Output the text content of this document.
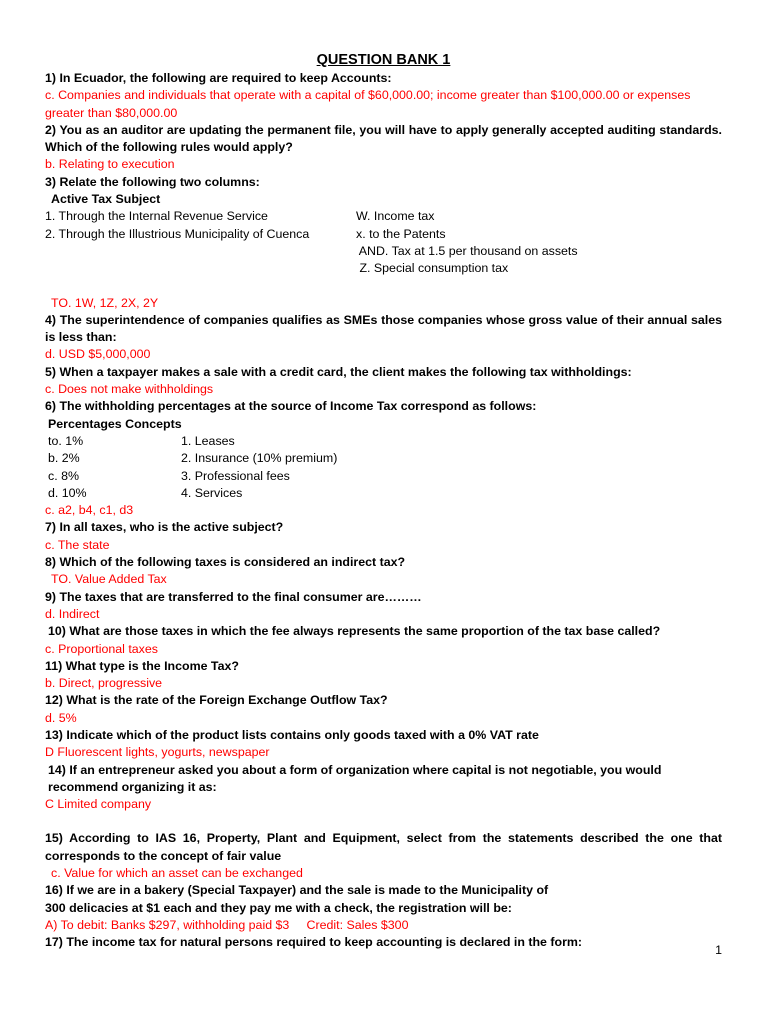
QUESTION BANK 1
1) In Ecuador, the following are required to keep Accounts:
c. Companies and individuals that operate with a capital of $60,000.00; income greater than $100,000.00 or expenses greater than $80,000.00
2) You as an auditor are updating the permanent file, you will have to apply generally accepted auditing standards. Which of the following rules would apply?
b. Relating to execution
3) Relate the following two columns:
Active Tax Subject
1. Through the Internal Revenue Service	W. Income tax
2. Through the Illustrious Municipality of Cuenca	x. to the Patents
AND. Tax at 1.5 per thousand on assets
Z. Special consumption tax
TO. 1W, 1Z, 2X, 2Y
4) The superintendence of companies qualifies as SMEs those companies whose gross value of their annual sales is less than:
d. USD $5,000,000
5) When a taxpayer makes a sale with a credit card, the client makes the following tax withholdings:
c. Does not make withholdings
6) The withholding percentages at the source of Income Tax correspond as follows:
Percentages Concepts
to. 1%	1. Leases
b. 2%	2. Insurance (10% premium)
c. 8%	3. Professional fees
d. 10%	4. Services
c. a2, b4, c1, d3
7) In all taxes, who is the active subject?
c. The state
8) Which of the following taxes is considered an indirect tax?
TO. Value Added Tax
9) The taxes that are transferred to the final consumer are………
d. Indirect
10) What are those taxes in which the fee always represents the same proportion of the tax base called?
c. Proportional taxes
11) What type is the Income Tax?
b. Direct, progressive
12) What is the rate of the Foreign Exchange Outflow Tax?
d. 5%
13) Indicate which of the product lists contains only goods taxed with a 0% VAT rate
D Fluorescent lights, yogurts, newspaper
14) If an entrepreneur asked you about a form of organization where capital is not negotiable, you would recommend organizing it as:
C Limited company
15) According to IAS 16, Property, Plant and Equipment, select from the statements described the one that corresponds to the concept of fair value
c. Value for which an asset can be exchanged
16) If we are in a bakery (Special Taxpayer) and the sale is made to the Municipality of
300 delicacies at $1 each and they pay me with a check, the registration will be:
A) To debit: Banks $297, withholding paid $3     Credit: Sales $300
17) The income tax for natural persons required to keep accounting is declared in the form:
1
